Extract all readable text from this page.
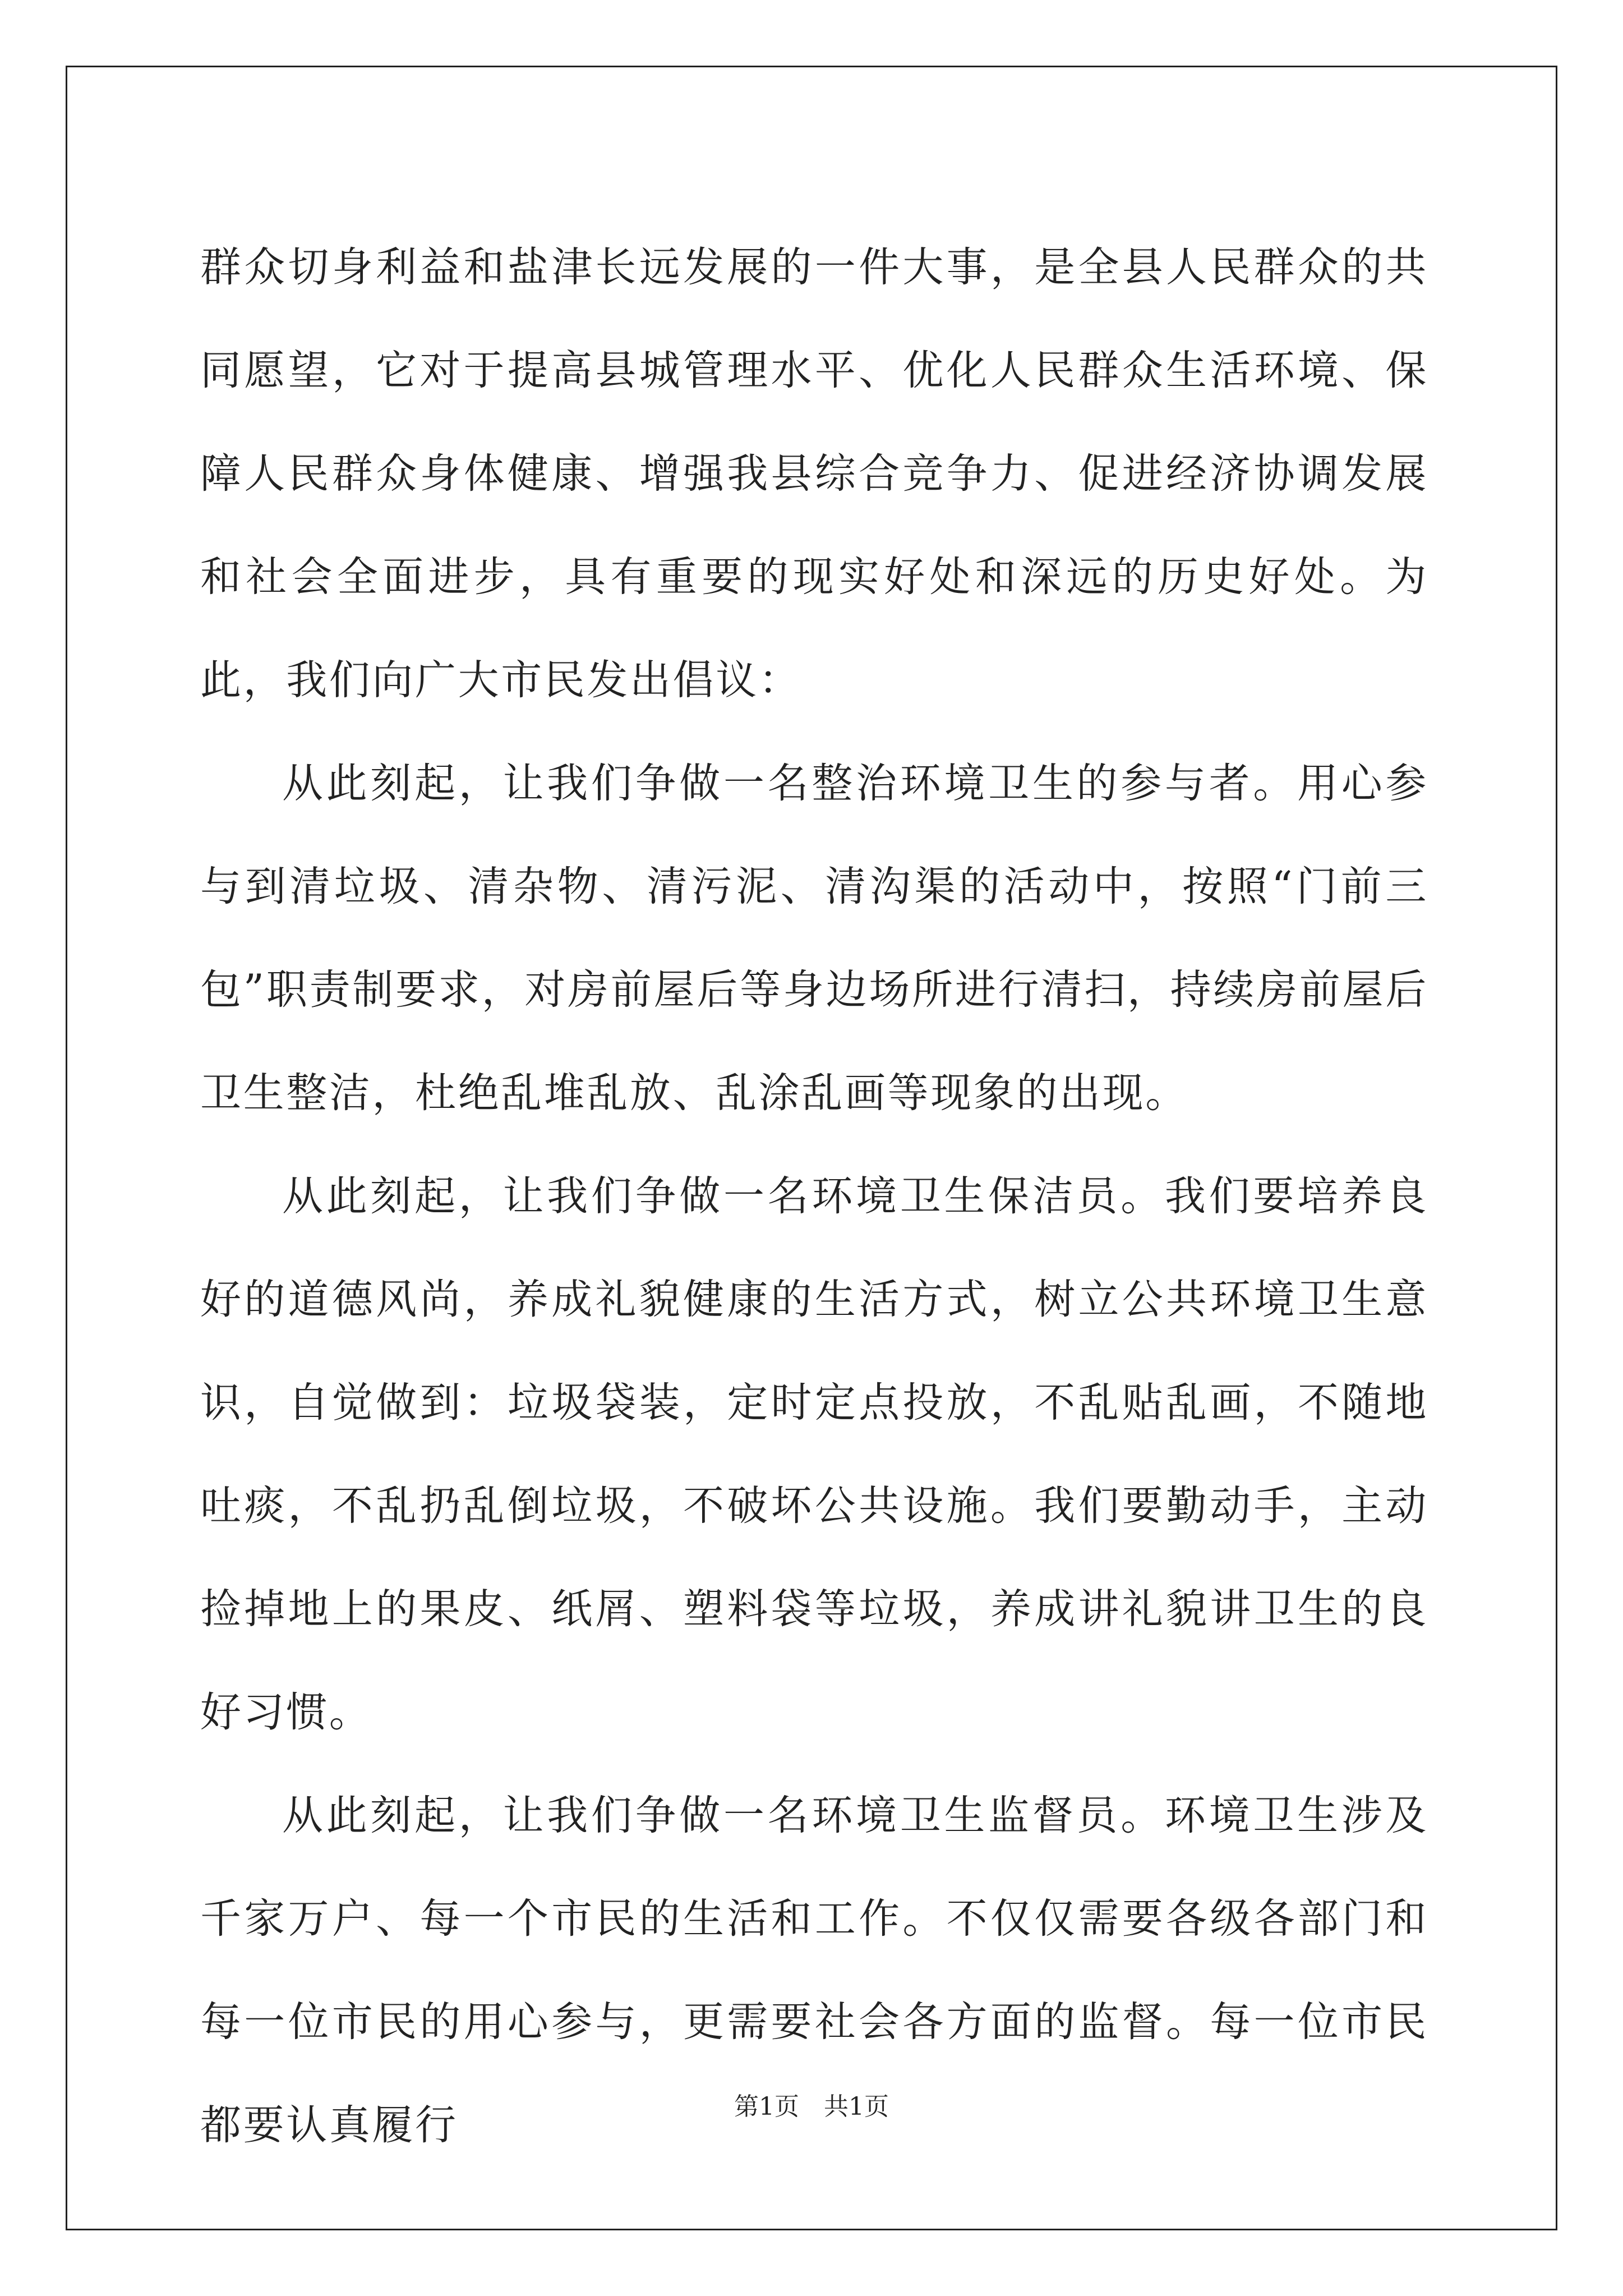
群众切身利益和盐津长远发展的一件大事，是全县人民群众的共同愿望，它对于提高县城管理水平、优化人民群众生活环境、保障人民群众身体健康、增强我县综合竞争力、促进经济协调发展和社会全面进步，具有重要的现实好处和深远的历史好处。为此，我们向广大市民发出倡议：

从此刻起，让我们争做一名整治环境卫生的参与者。用心参与到清垃圾、清杂物、清污泥、清沟渠的活动中，按照“门前三包”职责制要求，对房前屋后等身边场所进行清扫，持续房前屋后卫生整洁，杜绝乱堆乱放、乱涂乱画等现象的出现。

从此刻起，让我们争做一名环境卫生保洁员。我们要培养良好的道德风尚，养成礼貌健康的生活方式，树立公共环境卫生意识，自觉做到：垃圾袋装，定时定点投放，不乱贴乱画，不随地吐痰，不乱扔乱倒垃圾，不破坏公共设施。我们要勤动手，主动捡掉地上的果皮、纸屑、塑料袋等垃圾，养成讲礼貌讲卫生的良好习惯。

从此刻起，让我们争做一名环境卫生监督员。环境卫生涉及千家万户、每一个市民的生活和工作。不仅仅需要各级各部门和每一位市民的用心参与，更需要社会各方面的监督。每一位市民都要认真履行	第1页　共1页
